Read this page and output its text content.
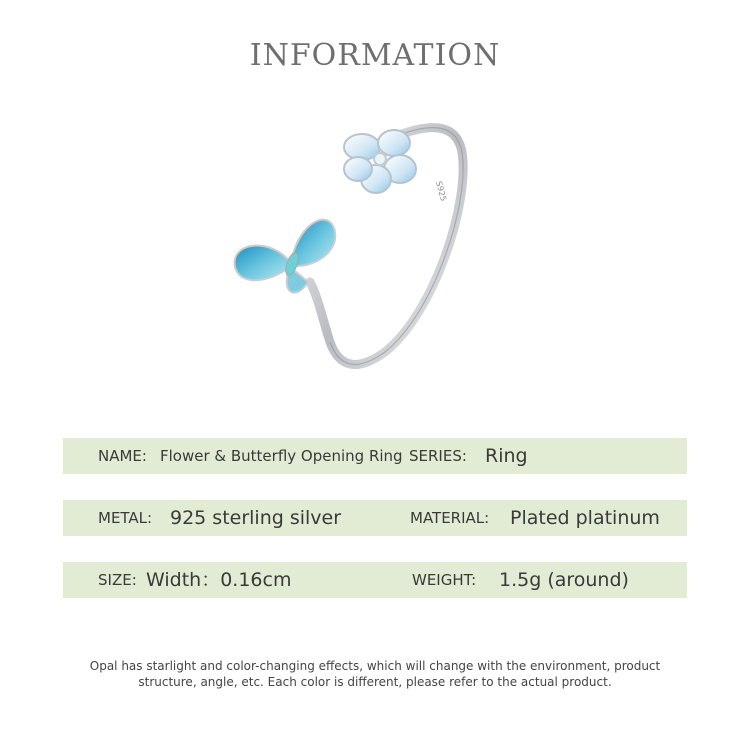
INFORMATION
S925
NAME: Flower & Butterfly Opening Ring SERIES: Ring
METAL: 925 sterling silver	MATERIAL: Plated platinum
SIZE: Width：0.16cm	WEIGHT: 1.5g (around)
Opal has starlight and color-changing effects, which will change with the environment, product
structure, angle, etc. Each color is different, please refer to the actual product.
